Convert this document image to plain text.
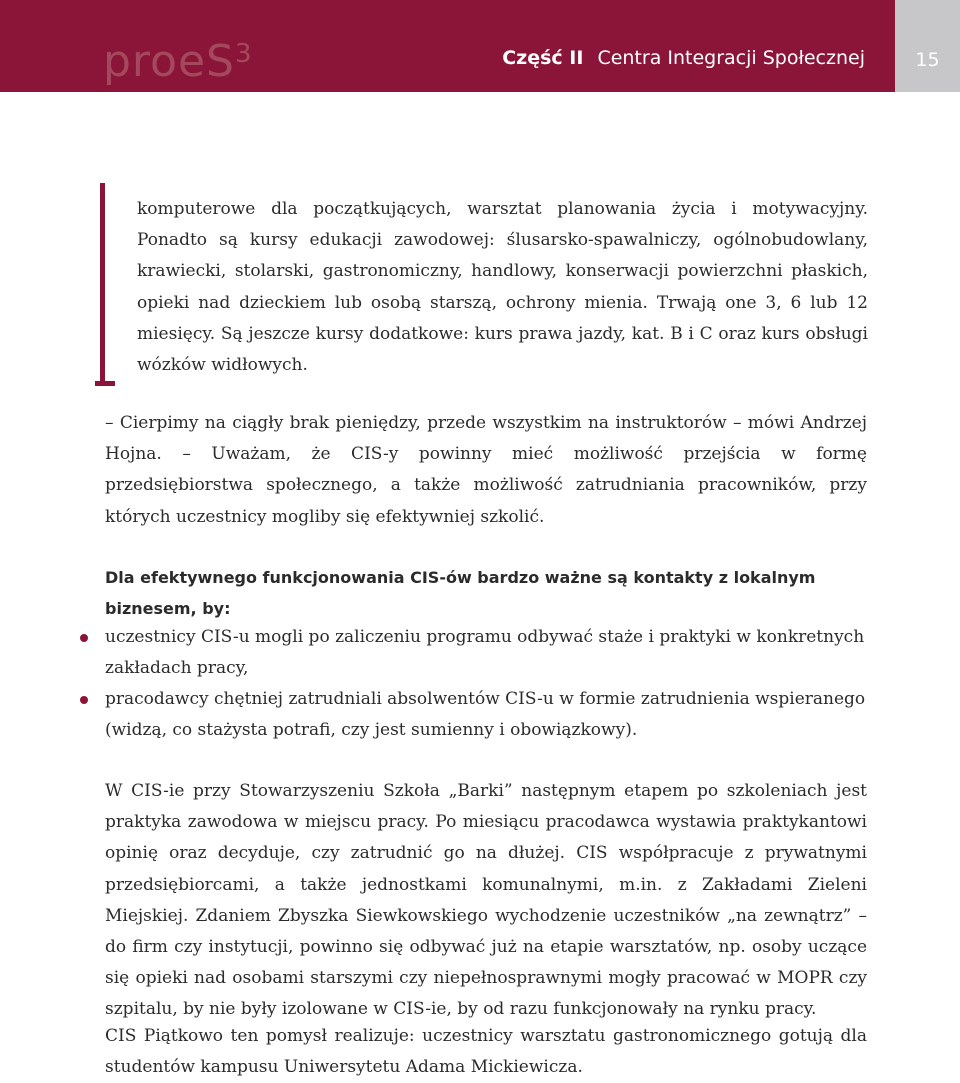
proeS$^3$	Część II Centra Integracji Społecznej	15

komputerowe dla początkujących, warsztat planowania życia i motywacyjny. Ponadto są kursy edukacji zawodowej: ślusarsko-spawalniczy, ogólnobudowlany, krawiecki, stolarski, gastronomiczny, handlowy, konserwacji powierzchni płaskich, opieki nad dzieckiem lub osobą starszą, ochrony mienia. Trwają one 3, 6 lub 12 miesięcy. Są jeszcze kursy dodatkowe: kurs prawa jazdy, kat. B i C oraz kurs obsługi wózków widłowych.

– Cierpimy na ciągły brak pieniędzy, przede wszystkim na instruktorów – mówi Andrzej Hojna. – Uważam, że CIS-y powinny mieć możliwość przejścia w formę przedsiębiorstwa społecznego, a także możliwość zatrudniania pracowników, przy których uczestnicy mogliby się efektywniej szkolić.

Dla efektywnego funkcjonowania CIS-ów bardzo ważne są kontakty z lokalnym biznesem, by:

uczestnicy CIS-u mogli po zaliczeniu programu odbywać staże i praktyki w konkretnych zakładach pracy,
pracodawcy chętniej zatrudniali absolwentów CIS-u w formie zatrudnienia wspieranego (widzą, co stażysta potrafi, czy jest sumienny i obowiązkowy).

W CIS-ie przy Stowarzyszeniu Szkoła „Barki” następnym etapem po szkoleniach jest praktyka zawodowa w miejscu pracy. Po miesiącu pracodawca wystawia praktykantowi opinię oraz decyduje, czy zatrudnić go na dłużej. CIS współpracuje z prywatnymi przedsiębiorcami, a także jednostkami komunalnymi, m.in. z Zakładami Zieleni Miejskiej. Zdaniem Zbyszka Siewkowskiego wychodzenie uczestników „na zewnątrz” – do firm czy instytucji, powinno się odbywać już na etapie warsztatów, np. osoby uczące się opieki nad osobami starszymi czy niepełnosprawnymi mogły pracować w MOPR czy szpitalu, by nie były izolowane w CIS-ie, by od razu funkcjonowały na rynku pracy.

CIS Piątkowo ten pomysł realizuje: uczestnicy warsztatu gastronomicznego gotują dla studentów kampusu Uniwersytetu Adama Mickiewicza.
